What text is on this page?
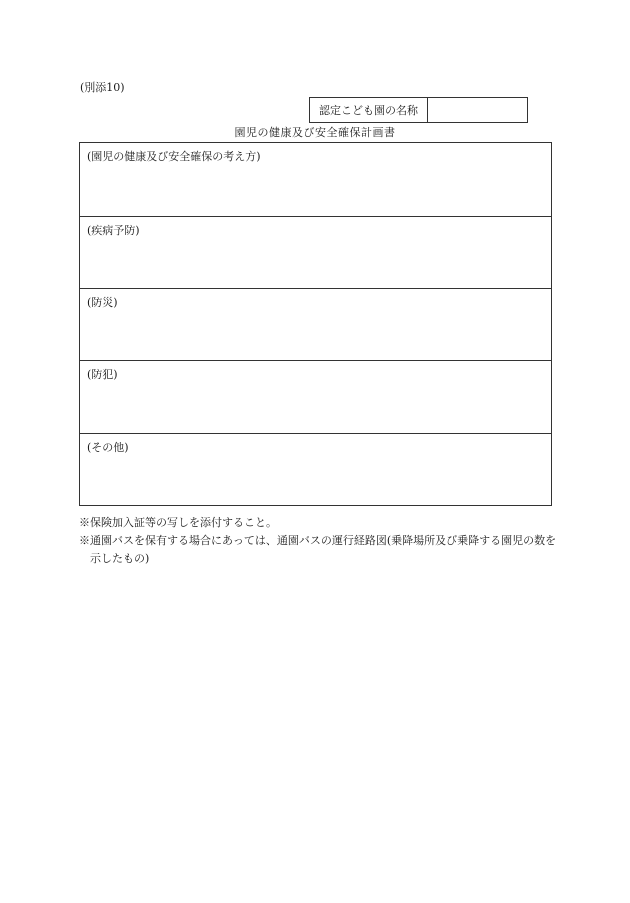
(別添10)
認定こども園の名称
園児の健康及び安全確保計画書
(園児の健康及び安全確保の考え方)
(疾病予防)
(防災)
(防犯)
(その他)
※保険加入証等の写しを添付すること。
※通園バスを保有する場合にあっては、通園バスの運行経路図(乗降場所及び乗降する園児の数を示したもの)
